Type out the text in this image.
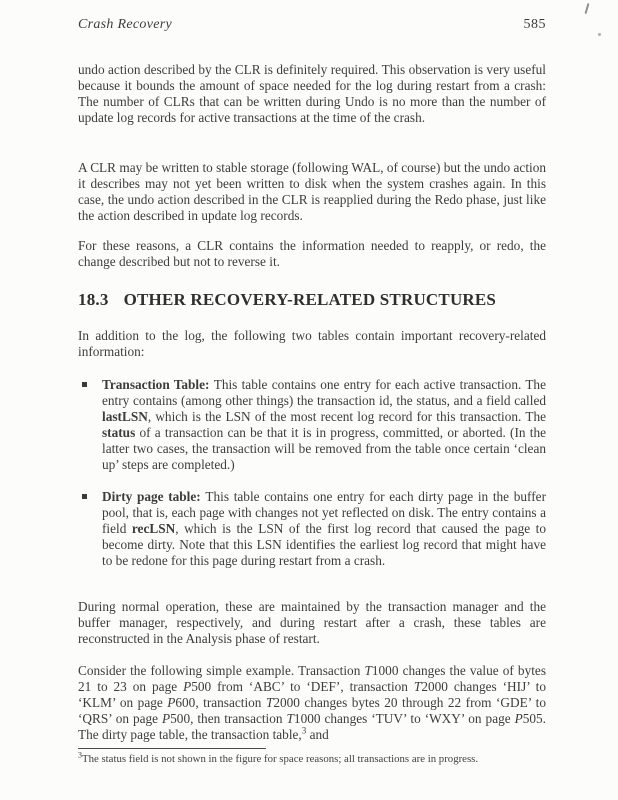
Crash Recovery	585
undo action described by the CLR is definitely required. This observation is very useful because it bounds the amount of space needed for the log during restart from a crash: The number of CLRs that can be written during Undo is no more than the number of update log records for active transactions at the time of the crash.
A CLR may be written to stable storage (following WAL, of course) but the undo action it describes may not yet been written to disk when the system crashes again. In this case, the undo action described in the CLR is reapplied during the Redo phase, just like the action described in update log records.
For these reasons, a CLR contains the information needed to reapply, or redo, the change described but not to reverse it.
In addition to the log, the following two tables contain important recovery-related information:
Transaction Table: This table contains one entry for each active transaction. The entry contains (among other things) the transaction id, the status, and a field called lastLSN, which is the LSN of the most recent log record for this transaction. The status of a transaction can be that it is in progress, committed, or aborted. (In the latter two cases, the transaction will be removed from the table once certain ‘clean up’ steps are completed.)
Dirty page table: This table contains one entry for each dirty page in the buffer pool, that is, each page with changes not yet reflected on disk. The entry contains a field recLSN, which is the LSN of the first log record that caused the page to become dirty. Note that this LSN identifies the earliest log record that might have to be redone for this page during restart from a crash.
During normal operation, these are maintained by the transaction manager and the buffer manager, respectively, and during restart after a crash, these tables are reconstructed in the Analysis phase of restart.
Consider the following simple example. Transaction T1000 changes the value of bytes 21 to 23 on page P500 from ‘ABC’ to ‘DEF’, transaction T2000 changes ‘HIJ’ to ‘KLM’ on page P600, transaction T2000 changes bytes 20 through 22 from ‘GDE’ to ‘QRS’ on page P500, then transaction T1000 changes ‘TUV’ to ‘WXY’ on page P505. The dirty page table, the transaction table,$^3$ and
18.3 OTHER RECOVERY-RELATED STRUCTURES
$^3$The status field is not shown in the figure for space reasons; all transactions are in progress.
